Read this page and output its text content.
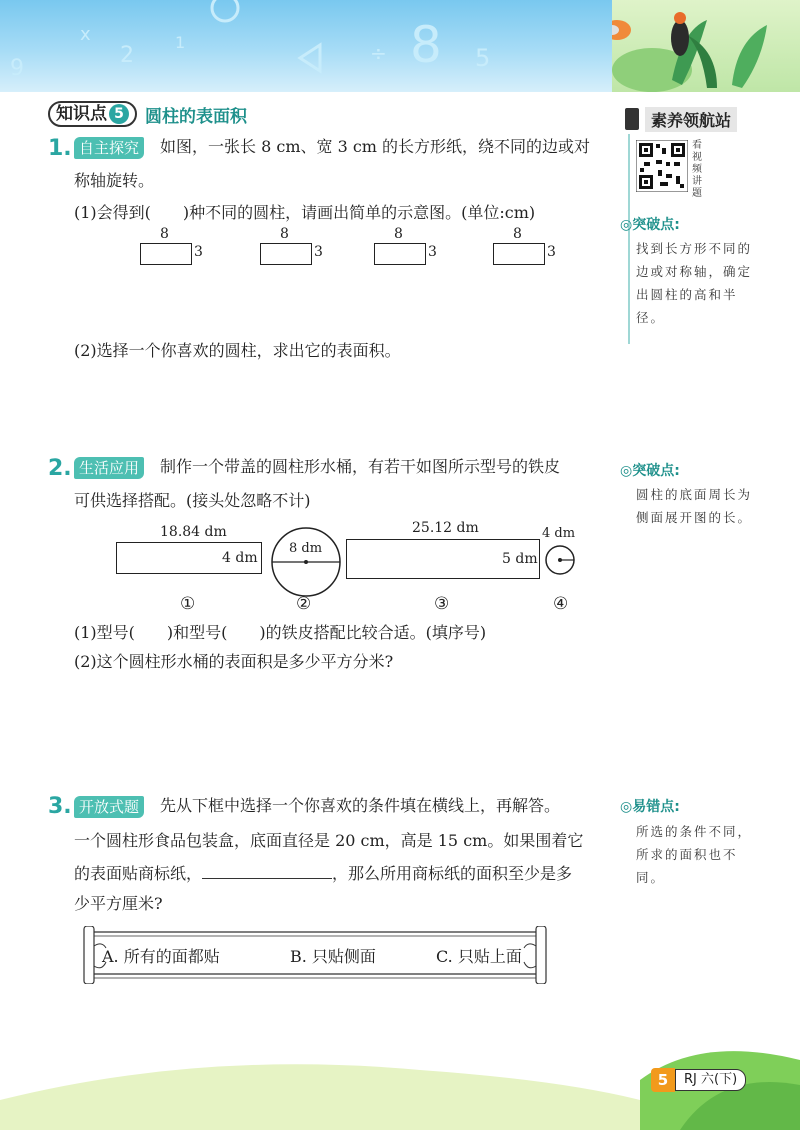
x
2
1	÷ 8 5
9
知识点 5	圆柱的表面积	素养领航站
看视频讲题
◎突破点:
找到长方形不同的边或对称轴，确定出圆柱的高和半径。
◎突破点:
圆柱的底面周长为侧面展开图的长。
◎易错点:
所选的条件不同，所求的面积也不同。
1. 自主探究	如图，一张长 8 cm、宽 3 cm 的长方形纸，绕不同的边或对
称轴旋转。
(1)会得到(　　)种不同的圆柱，请画出简单的示意图。(单位:cm)
8
3
8
3
8
3
8
3
(2)选择一个你喜欢的圆柱，求出它的表面积。
2. 生活应用	制作一个带盖的圆柱形水桶，有若干如图所示型号的铁皮
可供选择搭配。(接头处忽略不计)
18.84 dm
4 dm
8 dm
25.12 dm
5 dm
4 dm
①	②	③	④
(1)型号(　　)和型号(　　)的铁皮搭配比较合适。(填序号)
(2)这个圆柱形水桶的表面积是多少平方分米?
3. 开放式题	先从下框中选择一个你喜欢的条件填在横线上，再解答。
一个圆柱形食品包装盒，底面直径是 20 cm，高是 15 cm。如果围着它
的表面贴商标纸，	，那么所用商标纸的面积至少是多
少平方厘米?
A. 所有的面都贴	B. 只贴侧面	C. 只贴上面
5	RJ 六(下)
